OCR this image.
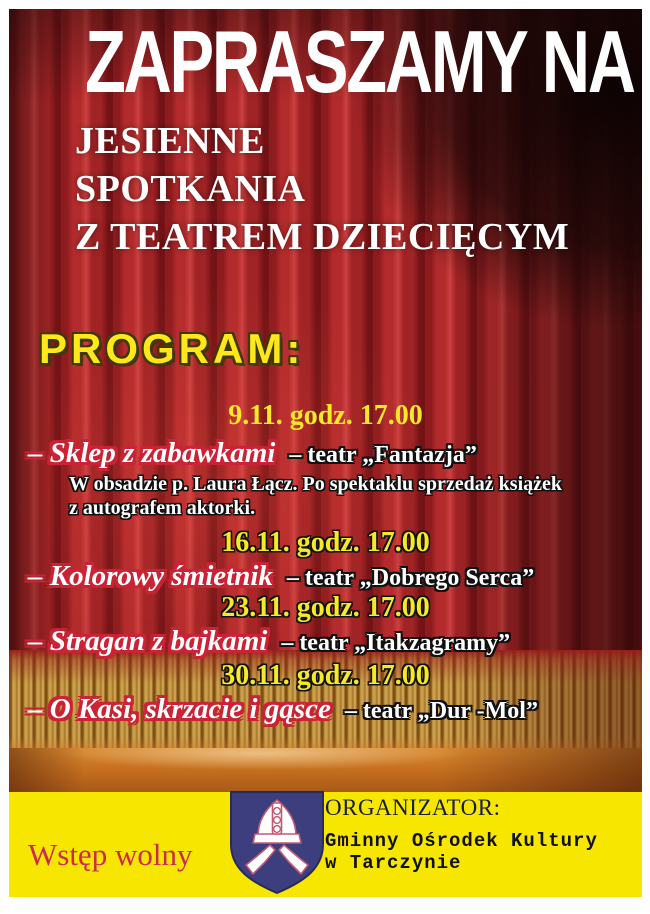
ZAPRASZAMY NA
JESIENNE
SPOTKANIA
Z TEATREM DZIECIĘCYM
PROGRAM:
9.11. godz. 17.00
– Sklep z zabawkami – teatr „Fantazja”
W obsadzie p. Laura Łącz. Po spektaklu sprzedaż książek
z autografem aktorki.
16.11. godz. 17.00
– Kolorowy śmietnik – teatr „Dobrego Serca”
23.11. godz. 17.00
– Stragan z bajkami – teatr „Itakzagramy”
30.11. godz. 17.00
– O Kasi, skrzacie i gąsce – teatr „Dur -Mol”
Wstęp wolny
ORGANIZATOR:
Gminny Ośrodek Kultury
w Tarczynie
